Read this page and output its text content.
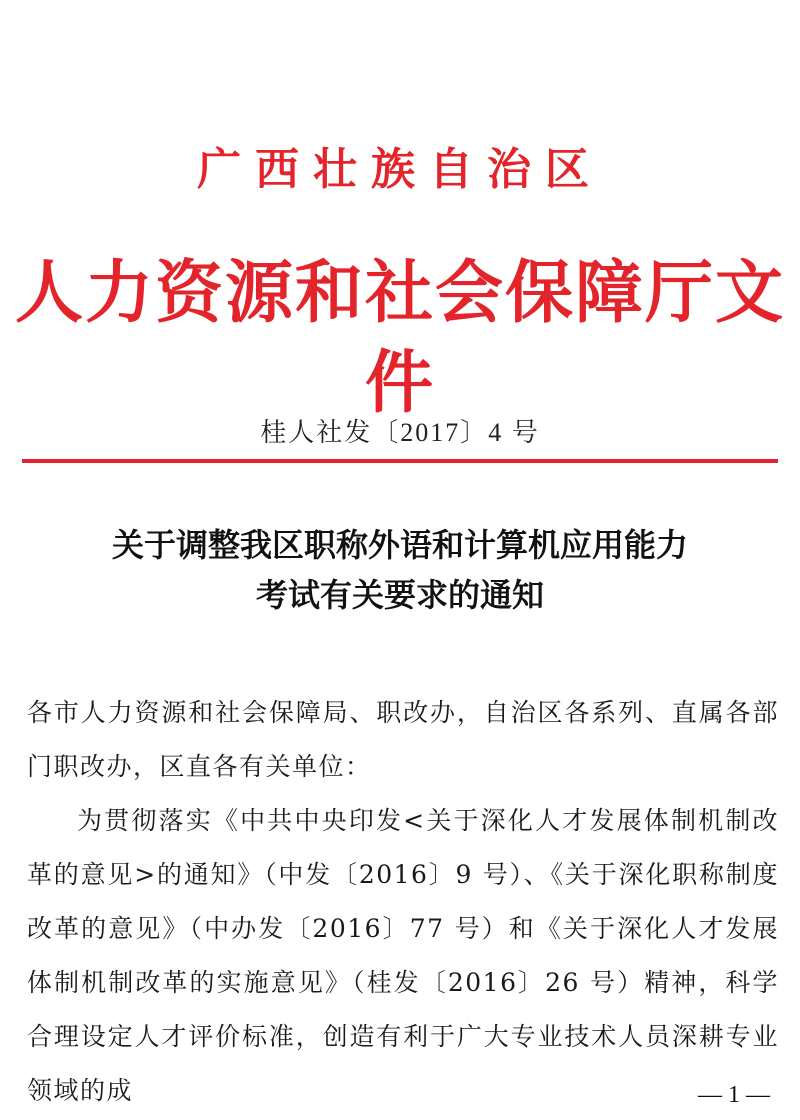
广西壮族自治区
人力资源和社会保障厅文件
桂人社发〔2017〕4 号
关于调整我区职称外语和计算机应用能力
考试有关要求的通知

各市人力资源和社会保障局、职改办，自治区各系列、直属各部门职改办，区直各有关单位：

为贯彻落实《中共中央印发<关于深化人才发展体制机制改革的意见>的通知》（中发〔2016〕9 号）、《关于深化职称制度改革的意见》（中办发〔2016〕77 号）和《关于深化人才发展体制机制改革的实施意见》（桂发〔2016〕26 号）精神，科学合理设定人才评价标准，创造有利于广大专业技术人员深耕专业领域的成	— 1 —
